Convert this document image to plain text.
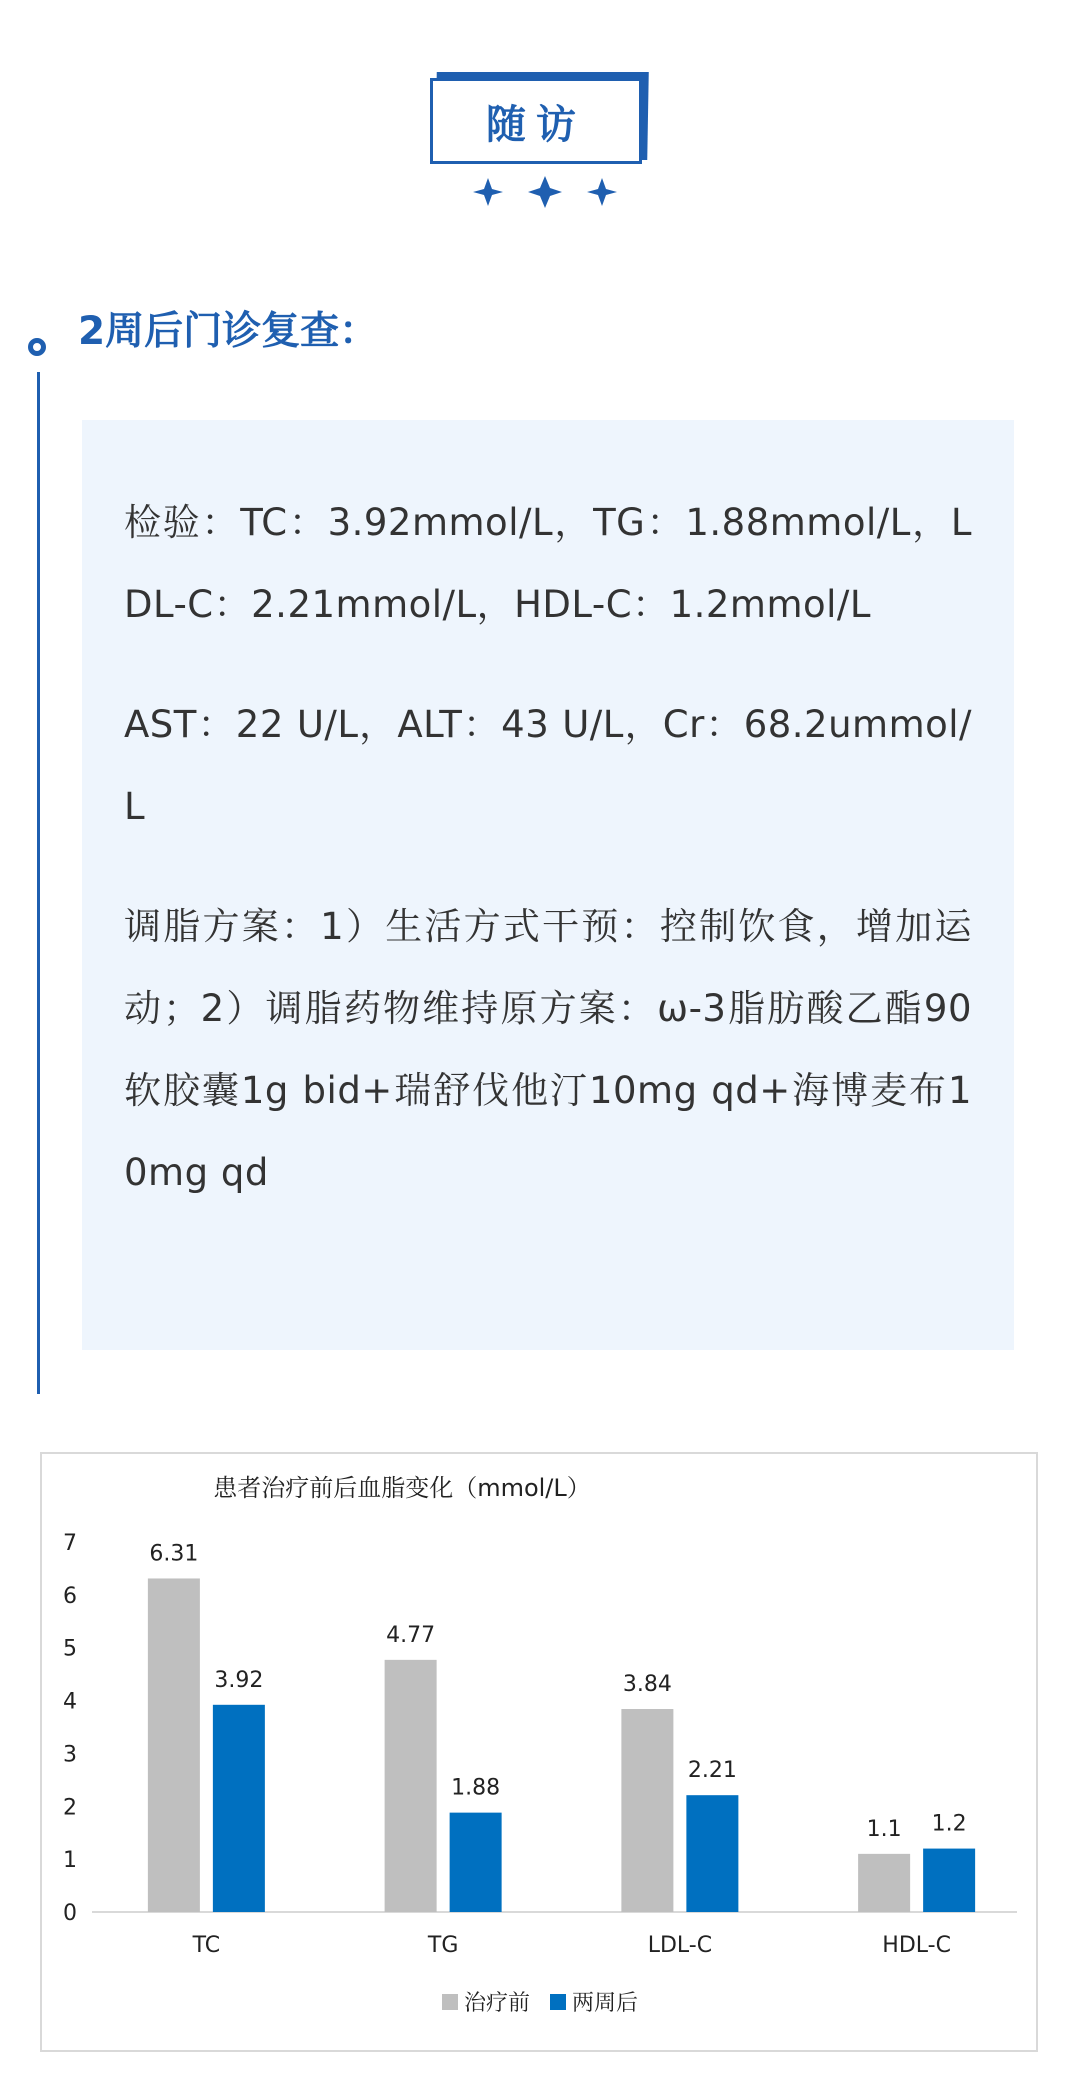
随访
2周后门诊复查：

检验：TC：3.92mmol/L，TG：1.88mmol/L，LDL-C：2.21mmol/L，HDL-C：1.2mmol/L

AST：22 U/L，ALT：43 U/L，Cr：68.2ummol/L

调脂方案：1）生活方式干预：控制饮食，增加运动；2）调脂药物维持原方案：ω-3脂肪酸乙酯90软胶囊1g bid+瑞舒伐他汀10mg qd+海博麦布10mg qd

患者治疗前后血脂变化（mmol/L）
0
1
2
3
4
5
6
7	6.31
3.92
TC
4.77
1.88
TG
3.84
2.21
LDL-C
1.1 1.2
HDL-C
治疗前 两周后
